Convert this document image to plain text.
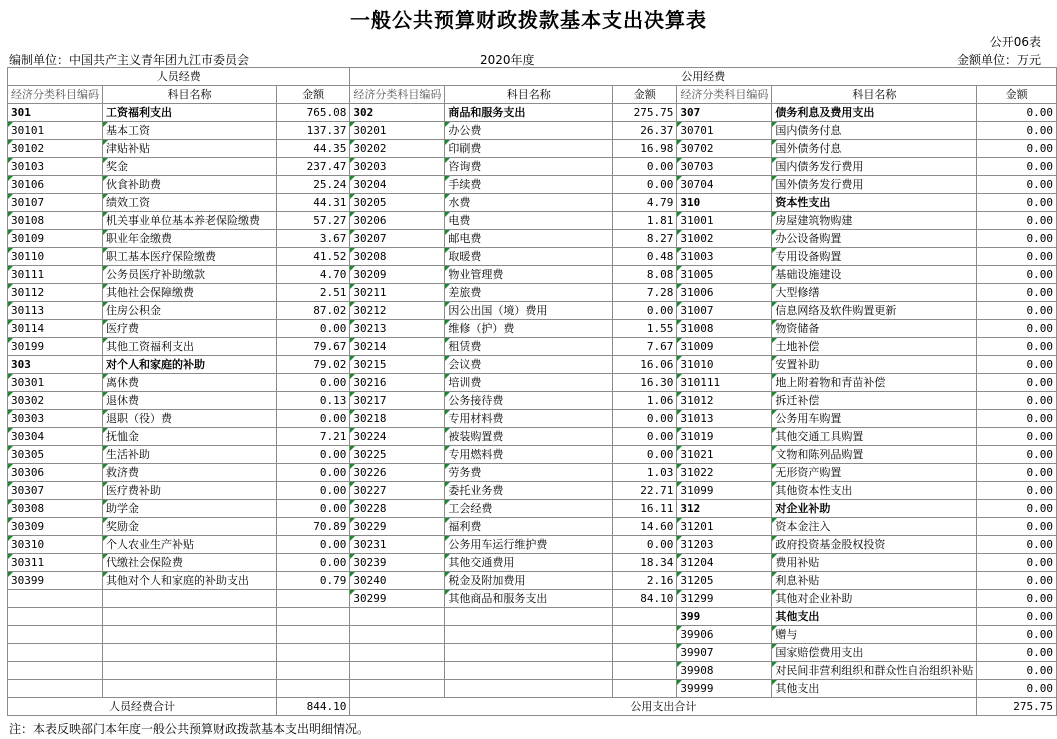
一般公共预算财政拨款基本支出决算表
公开06表
编制单位：中国共产主义青年团九江市委员会	2020年度	金额单位：万元
人员经费			公用经费					
经济分类科目编码	科目名称	金额	经济分类科目编码	科目名称	金额	经济分类科目编码	科目名称	金额
301	工资福利支出	765.08	302	商品和服务支出	275.75	307	债务利息及费用支出	0.00
30101	基本工资	137.37	30201	办公费	26.37	30701	国内债务付息	0.00
30102	津贴补贴	44.35	30202	印刷费	16.98	30702	国外债务付息	0.00
30103	奖金	237.47	30203	咨询费	0.00	30703	国内债务发行费用	0.00
30106	伙食补助费	25.24	30204	手续费	0.00	30704	国外债务发行费用	0.00
30107	绩效工资	44.31	30205	水费	4.79	310	资本性支出	0.00
30108	机关事业单位基本养老保险缴费	57.27	30206	电费	1.81	31001	房屋建筑物购建	0.00
30109	职业年金缴费	3.67	30207	邮电费	8.27	31002	办公设备购置	0.00
30110	职工基本医疗保险缴费	41.52	30208	取暖费	0.48	31003	专用设备购置	0.00
30111	公务员医疗补助缴款	4.70	30209	物业管理费	8.08	31005	基础设施建设	0.00
30112	其他社会保障缴费	2.51	30211	差旅费	7.28	31006	大型修缮	0.00
30113	住房公积金	87.02	30212	因公出国（境）费用	0.00	31007	信息网络及软件购置更新	0.00
30114	医疗费	0.00	30213	维修（护）费	1.55	31008	物资储备	0.00
30199	其他工资福利支出	79.67	30214	租赁费	7.67	31009	土地补偿	0.00
303	对个人和家庭的补助	79.02	30215	会议费	16.06	31010	安置补助	0.00
30301	离休费	0.00	30216	培训费	16.30	310111	地上附着物和青苗补偿	0.00
30302	退休费	0.13	30217	公务接待费	1.06	31012	拆迁补偿	0.00
30303	退职（役）费	0.00	30218	专用材料费	0.00	31013	公务用车购置	0.00
30304	抚恤金	7.21	30224	被装购置费	0.00	31019	其他交通工具购置	0.00
30305	生活补助	0.00	30225	专用燃料费	0.00	31021	文物和陈列品购置	0.00
30306	救济费	0.00	30226	劳务费	1.03	31022	无形资产购置	0.00
30307	医疗费补助	0.00	30227	委托业务费	22.71	31099	其他资本性支出	0.00
30308	助学金	0.00	30228	工会经费	16.11	312	对企业补助	0.00
30309	奖励金	70.89	30229	福利费	14.60	31201	资本金注入	0.00
30310	个人农业生产补贴	0.00	30231	公务用车运行维护费	0.00	31203	政府投资基金股权投资	0.00
30311	代缴社会保险费	0.00	30239	其他交通费用	18.34	31204	费用补贴	0.00
30399	其他对个人和家庭的补助支出	0.79	30240	税金及附加费用	2.16	31205	利息补贴	0.00
			30299	其他商品和服务支出	84.10	31299	其他对企业补助	0.00
						399	其他支出	0.00
						39906	赠与	0.00
						39907	国家赔偿费用支出	0.00
						39908	对民间非营利组织和群众性自治组织补贴	0.00
						39999	其他支出	0.00
人员经费合计		844.10	公用支出合计					275.75
注：本表反映部门本年度一般公共预算财政拨款基本支出明细情况。
